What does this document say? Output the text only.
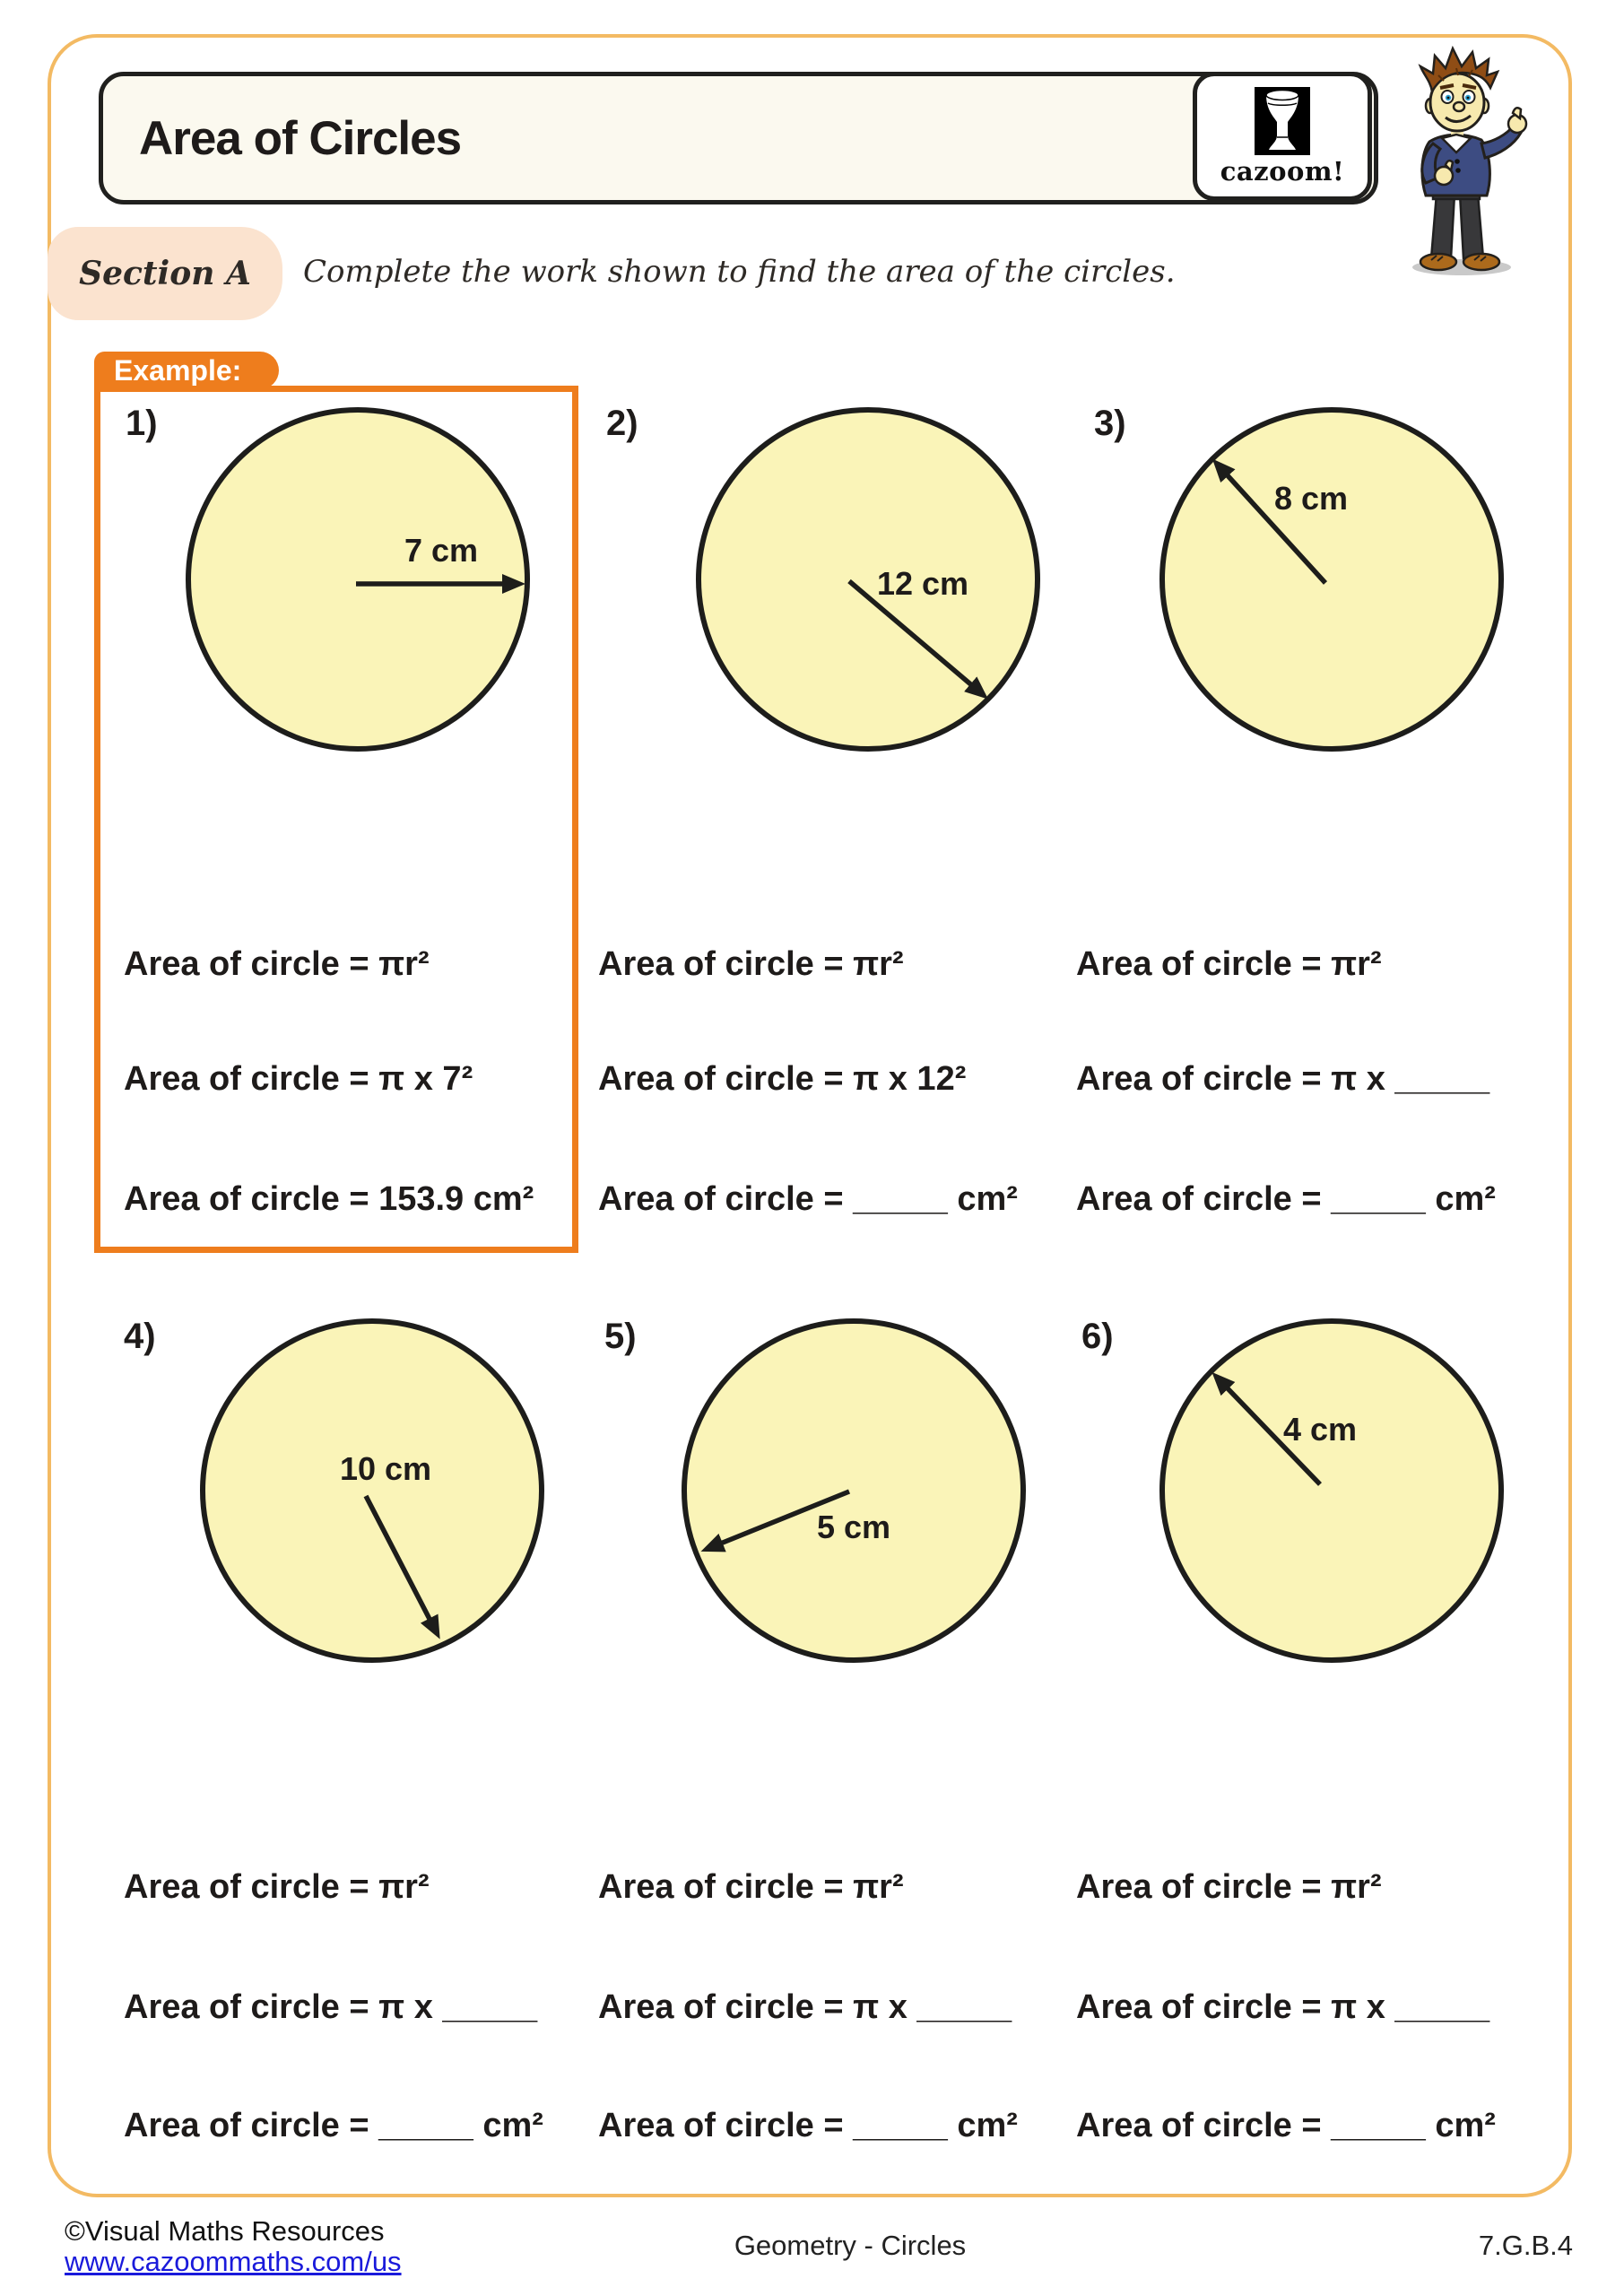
Area of Circles
cazoom!
Section A Complete the work shown to find the area of the circles.
Example:
1)	2)	3)
4)	5)	6)
7 cm
12 cm
8 cm
10 cm
5 cm
4 cm
Area of circle = πr²
Area of circle = π x 7²
Area of circle = 153.9 cm²
Area of circle = πr²
Area of circle = π x 12²
Area of circle = _____ cm²
Area of circle = πr²
Area of circle = π x _____
Area of circle = _____ cm²
Area of circle = πr²
Area of circle = π x _____
Area of circle = _____ cm²
Area of circle = πr²
Area of circle = π x _____
Area of circle = _____ cm²
Area of circle = πr²
Area of circle = π x _____
Area of circle = _____ cm²
©Visual Maths Resources
www.cazoommaths.com/us
Geometry - Circles	7.G.B.4
